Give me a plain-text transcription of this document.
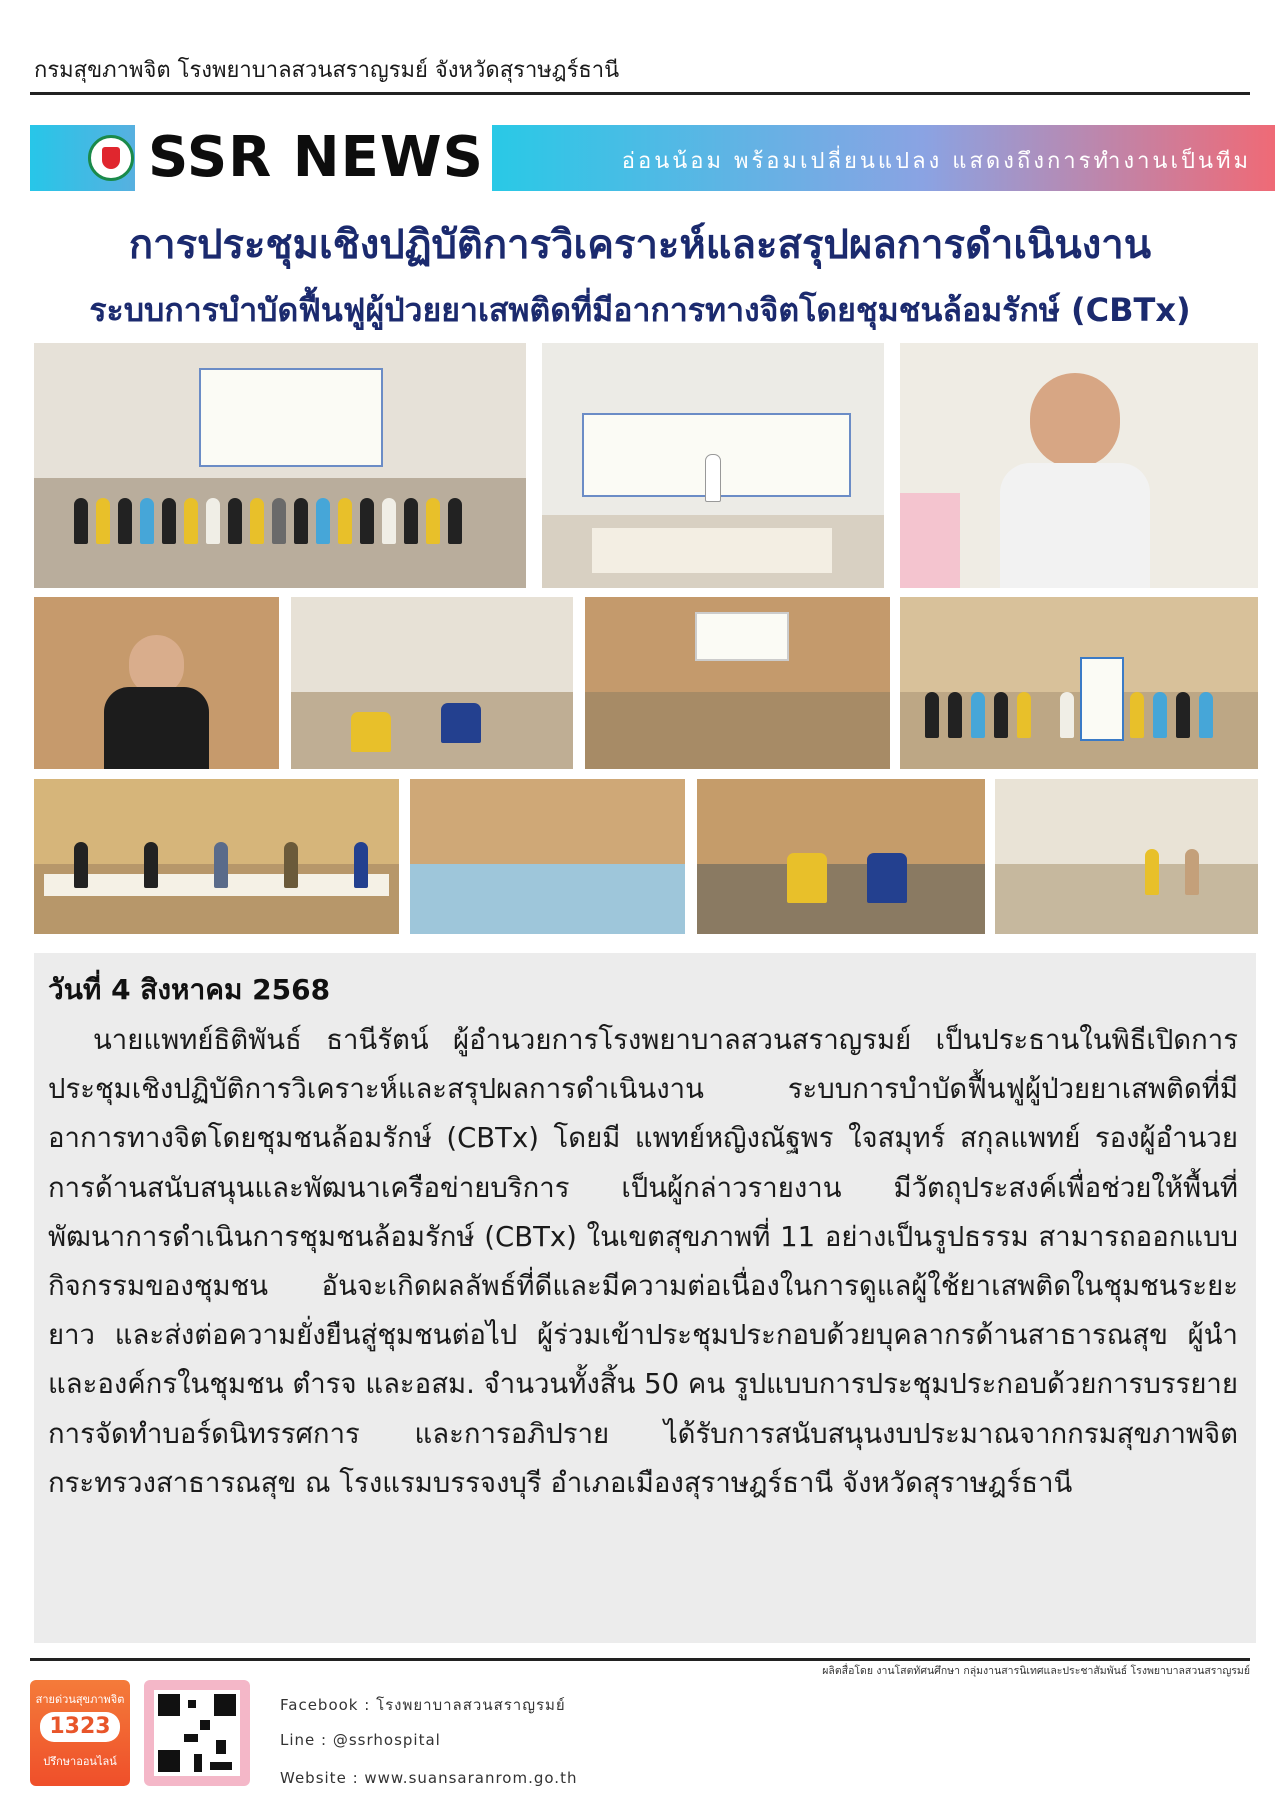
กรมสุขภาพจิต โรงพยาบาลสวนสราญรมย์ จังหวัดสุราษฎร์ธานี
SSR NEWS	อ่อนน้อม พร้อมเปลี่ยนแปลง แสดงถึงการทำงานเป็นทีม
การประชุมเชิงปฏิบัติการวิเคราะห์และสรุปผลการดำเนินงาน
ระบบการบำบัดฟื้นฟูผู้ป่วยยาเสพติดที่มีอาการทางจิตโดยชุมชนล้อมรักษ์ (CBTx)
วันที่ 4 สิงหาคม 2568
นายแพทย์ธิติพันธ์ ธานีรัตน์ ผู้อำนวยการโรงพยาบาลสวนสราญรมย์ เป็นประธานในพิธีเปิดการประชุมเชิงปฏิบัติการวิเคราะห์และสรุปผลการดำเนินงาน ระบบการบำบัดฟื้นฟูผู้ป่วยยาเสพติดที่มีอาการทางจิตโดยชุมชนล้อมรักษ์ (CBTx) โดยมี แพทย์หญิงณัฐพร ใจสมุทร์ สกุลแพทย์ รองผู้อำนวยการด้านสนับสนุนและพัฒนาเครือข่ายบริการ เป็นผู้กล่าวรายงาน มีวัตถุประสงค์เพื่อช่วยให้พื้นที่พัฒนาการดำเนินการชุมชนล้อมรักษ์ (CBTx) ในเขตสุขภาพที่ 11 อย่างเป็นรูปธรรม สามารถออกแบบกิจกรรมของชุมชน อันจะเกิดผลลัพธ์ที่ดีและมีความต่อเนื่องในการดูแลผู้ใช้ยาเสพติดในชุมชนระยะยาว และส่งต่อความยั่งยืนสู่ชุมชนต่อไป ผู้ร่วมเข้าประชุมประกอบด้วยบุคลากรด้านสาธารณสุข ผู้นำและองค์กรในชุมชน ตำรจ และอสม. จำนวนทั้งสิ้น 50 คน รูปแบบการประชุมประกอบด้วยการบรรยาย การจัดทำบอร์ดนิทรรศการ และการอภิปราย ได้รับการสนับสนุนงบประมาณจากกรมสุขภาพจิต กระทรวงสาธารณสุข ณ โรงแรมบรรจงบุรี อำเภอเมืองสุราษฎร์ธานี จังหวัดสุราษฎร์ธานี
ผลิตสื่อโดย งานโสตทัศนศึกษา กลุ่มงานสารนิเทศและประชาสัมพันธ์ โรงพยาบาลสวนสราญรมย์
สายด่วนสุขภาพจิต
1323
ปรึกษาออนไลน์
Facebook : โรงพยาบาลสวนสราญรมย์
Line : @ssrhospital
Website : www.suansaranrom.go.th
